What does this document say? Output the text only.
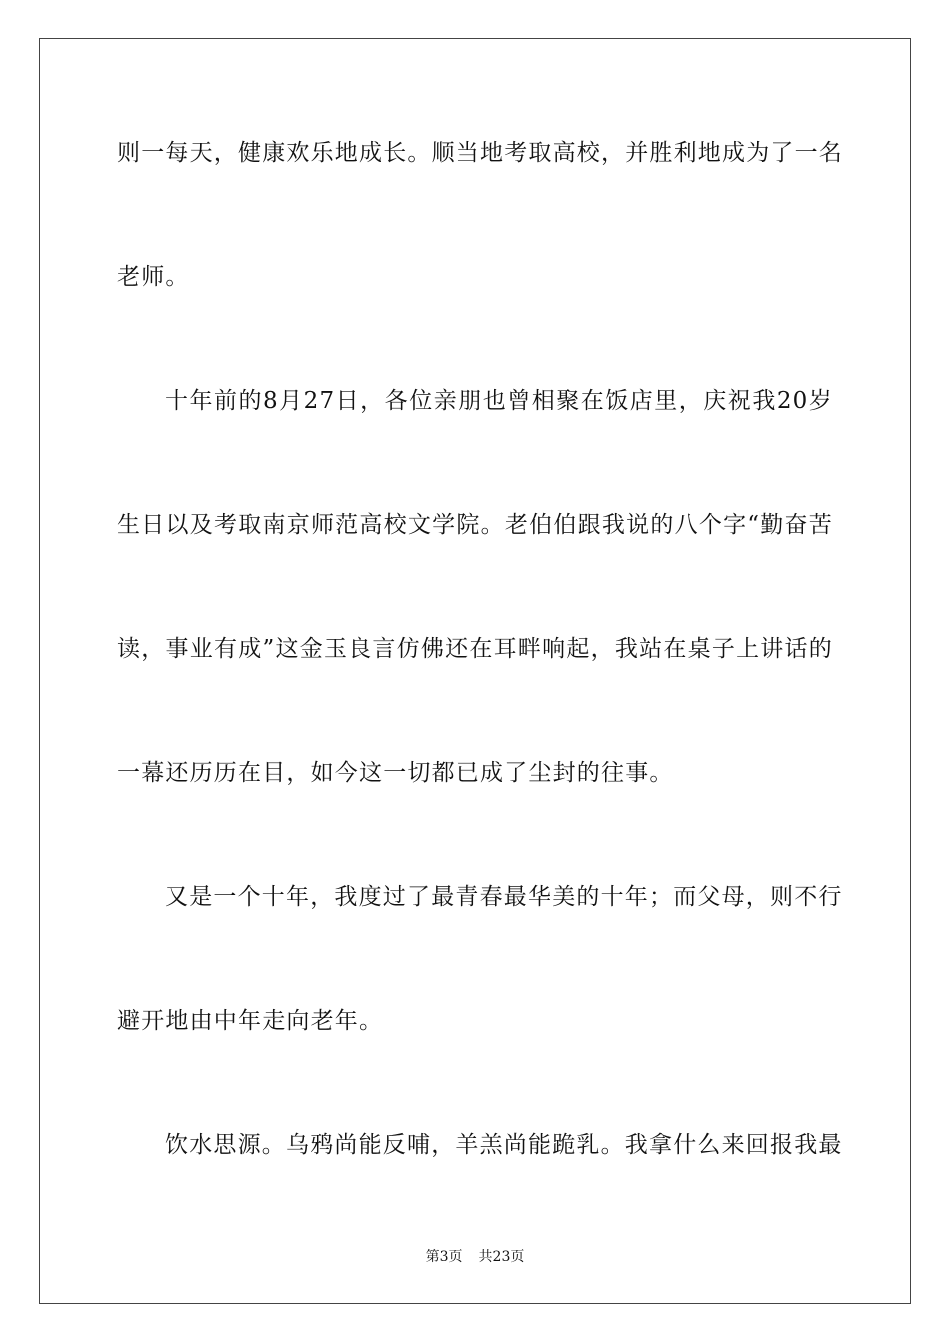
则一每天，健康欢乐地成长。顺当地考取高校，并胜利地成为了一名
老师。
十年前的8月27日，各位亲朋也曾相聚在饭店里，庆祝我20岁
生日以及考取南京师范高校文学院。老伯伯跟我说的八个字“勤奋苦
读，事业有成”这金玉良言仿佛还在耳畔响起，我站在桌子上讲话的
一幕还历历在目，如今这一切都已成了尘封的往事。
又是一个十年，我度过了最青春最华美的十年；而父母，则不行
避开地由中年走向老年。
饮水思源。乌鸦尚能反哺，羊羔尚能跪乳。我拿什么来回报我最
第3页 共23页
